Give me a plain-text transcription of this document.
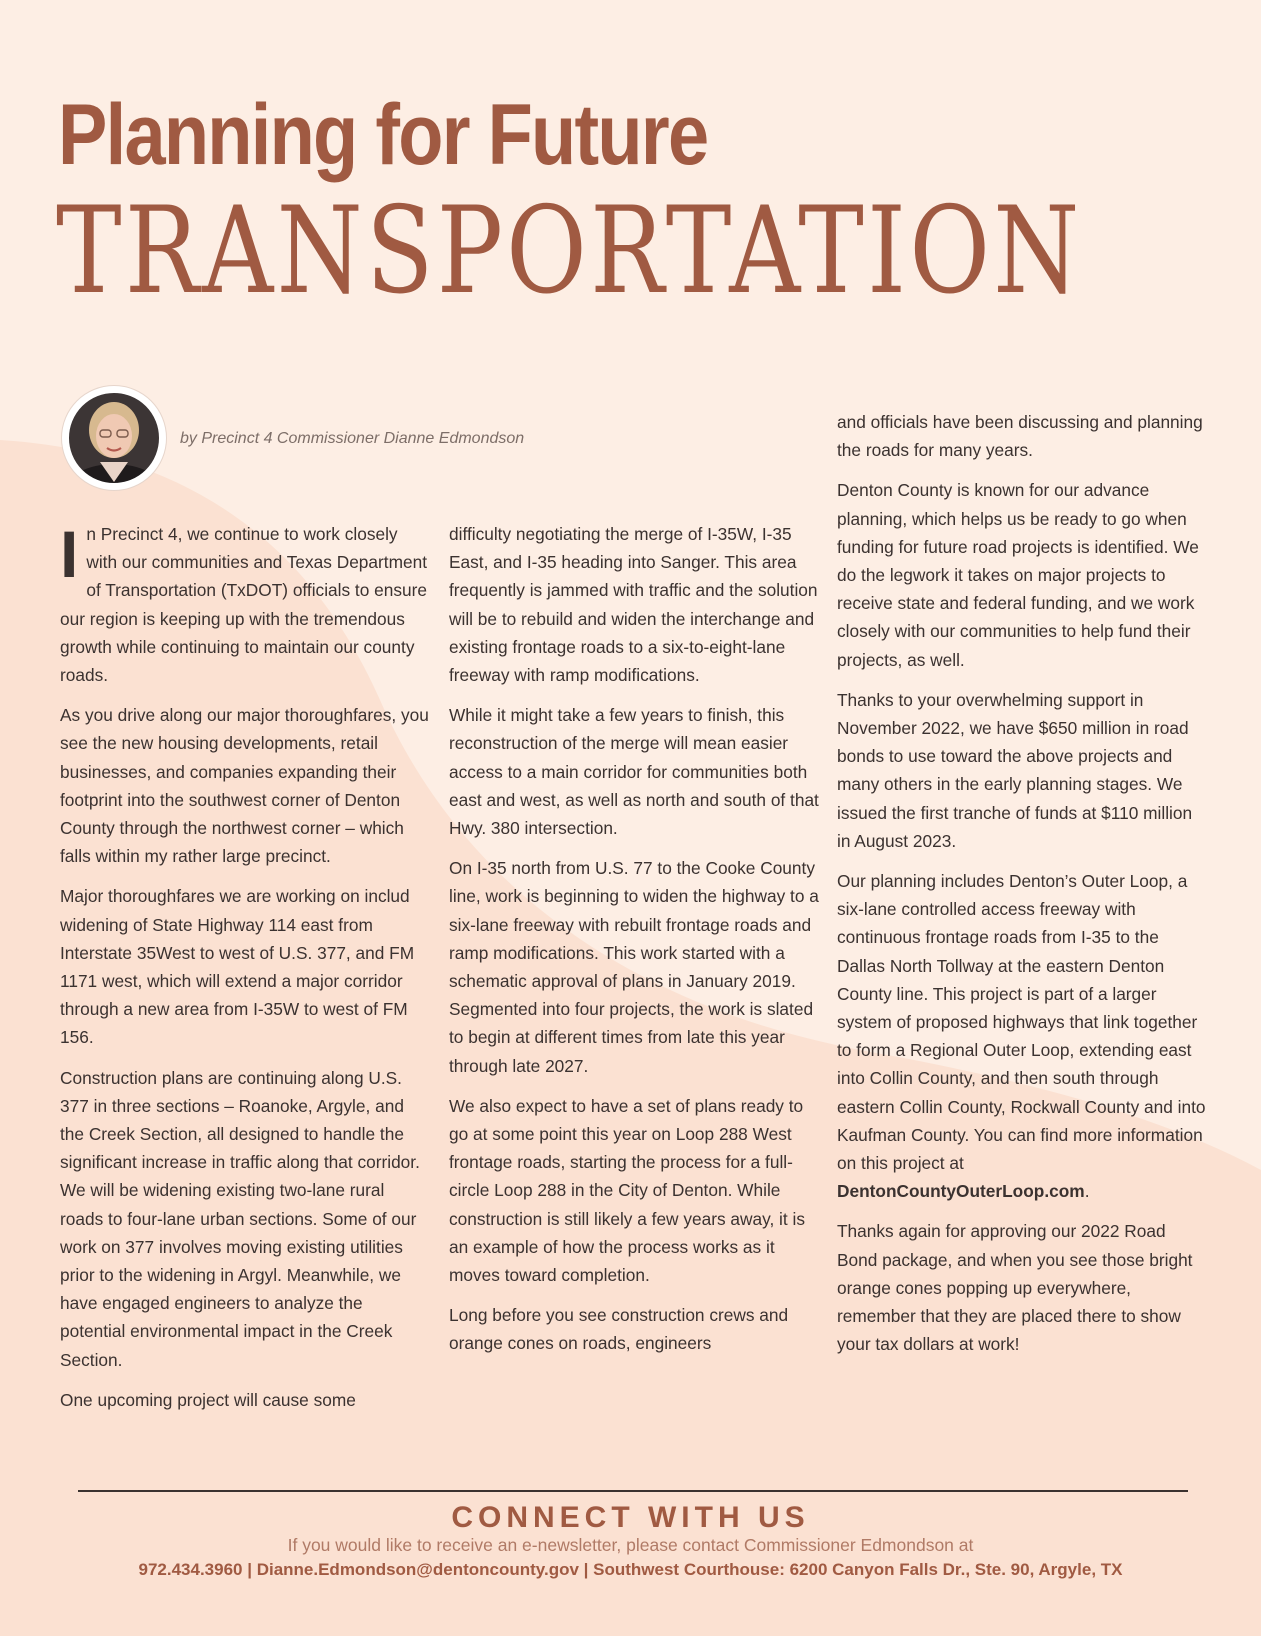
Planning for Future
TRANSPORTATION
by Precinct 4 Commissioner Dianne Edmondson

In Precinct 4, we continue to work closely with our communities and Texas Department of Transportation (TxDOT) officials to ensure our region is keeping up with the tremendous growth while continuing to maintain our county roads.

As you drive along our major thoroughfares, you see the new housing developments, retail businesses, and companies expanding their footprint into the southwest corner of Denton County through the northwest corner – which falls within my rather large precinct.

Major thoroughfares we are working on includ widening of State Highway 114 east from Interstate 35West to west of U.S. 377, and FM 1171 west, which will extend a major corridor through a new area from I-35W to west of FM 156.

Construction plans are continuing along U.S. 377 in three sections – Roanoke, Argyle, and the Creek Section, all designed to handle the significant increase in traffic along that corridor. We will be widening existing two-lane rural roads to four-lane urban sections. Some of our work on 377 involves moving existing utilities prior to the widening in Argyl. Meanwhile, we have engaged engineers to analyze the potential environmental impact in the Creek Section.

One upcoming project will cause some

difficulty negotiating the merge of I-35W, I-35 East, and I-35 heading into Sanger. This area frequently is jammed with traffic and the solution will be to rebuild and widen the interchange and existing frontage roads to a six-to-eight-lane freeway with ramp modifications.

While it might take a few years to finish, this reconstruction of the merge will mean easier access to a main corridor for communities both east and west, as well as north and south of that Hwy. 380 intersection.

On I-35 north from U.S. 77 to the Cooke County line, work is beginning to widen the highway to a six-lane freeway with rebuilt frontage roads and ramp modifications. This work started with a schematic approval of plans in January 2019. Segmented into four projects, the work is slated to begin at different times from late this year through late 2027.

We also expect to have a set of plans ready to go at some point this year on Loop 288 West frontage roads, starting the process for a full-circle Loop 288 in the City of Denton. While construction is still likely a few years away, it is an example of how the process works as it moves toward completion.

Long before you see construction crews and orange cones on roads, engineers

and officials have been discussing and planning the roads for many years.

Denton County is known for our advance planning, which helps us be ready to go when funding for future road projects is identified. We do the legwork it takes on major projects to receive state and federal funding, and we work closely with our communities to help fund their projects, as well.

Thanks to your overwhelming support in November 2022, we have $650 million in road bonds to use toward the above projects and many others in the early planning stages. We issued the first tranche of funds at $110 million in August 2023.

Our planning includes Denton’s Outer Loop, a six-lane controlled access freeway with continuous frontage roads from I-35 to the Dallas North Tollway at the eastern Denton County line. This project is part of a larger system of proposed highways that link together to form a Regional Outer Loop, extending east into Collin County, and then south through eastern Collin County, Rockwall County and into Kaufman County. You can find more information on this project at DentonCountyOuterLoop.com.

Thanks again for approving our 2022 Road Bond package, and when you see those bright orange cones popping up everywhere, remember that they are placed there to show your tax dollars at work!

CONNECT WITH US
If you would like to receive an e-newsletter, please contact Commissioner Edmondson at
972.434.3960 | Dianne.Edmondson@dentoncounty.gov | Southwest Courthouse: 6200 Canyon Falls Dr., Ste. 90, Argyle, TX
